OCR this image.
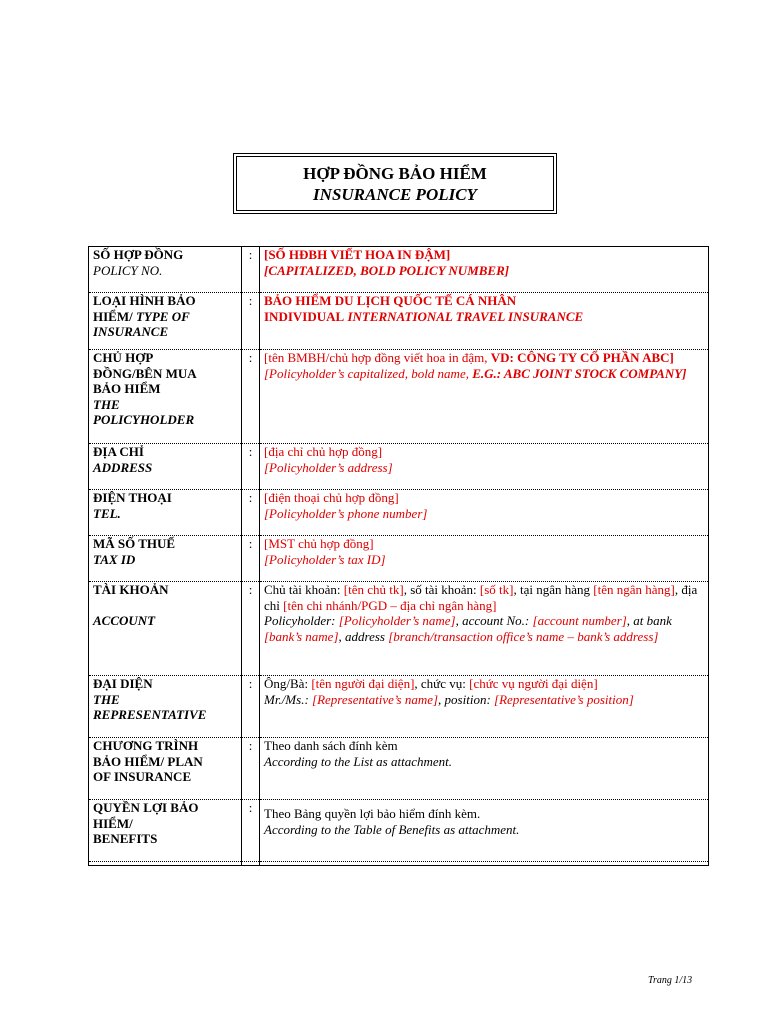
HỢP ĐỒNG BẢO HIỂM
INSURANCE POLICY
SỐ HỢP ĐỒNG
POLICY NO.	:	[SỐ HĐBH VIẾT HOA IN ĐẬM]
[CAPITALIZED, BOLD POLICY NUMBER]

LOẠI HÌNH BẢO HIỂM/ TYPE OF INSURANCE	:	BẢO HIỂM DU LỊCH QUỐC TẾ CÁ NHÂN
INDIVIDUAL INTERNATIONAL TRAVEL INSURANCE

CHỦ HỢP
ĐỒNG/BÊN MUA
BẢO HIỂM
THE
POLICYHOLDER	:	[tên BMBH/chủ hợp đồng viết hoa in đậm, VD: CÔNG TY CỔ PHẦN ABC]
[Policyholder’s capitalized, bold name, E.G.: ABC JOINT STOCK COMPANY]

ĐỊA CHỈ
ADDRESS	:	[địa chỉ chủ hợp đồng]
[Policyholder’s address]

ĐIỆN THOẠI
TEL.	:	[điện thoại chủ hợp đồng]
[Policyholder’s phone number]

MÃ SỐ THUẾ
TAX ID	:	[MST chủ hợp đồng]
[Policyholder’s tax ID]

TÀI KHOẢN
ACCOUNT	:	Chủ tài khoản: [tên chủ tk], số tài khoản: [số tk], tại ngân hàng [tên ngân hàng], địa chỉ [tên chi nhánh/PGD – địa chỉ ngân hàng]
Policyholder: [Policyholder’s name], account No.: [account number], at bank [bank’s name], address [branch/transaction office’s name – bank’s address]

ĐẠI DIỆN
THE
REPRESENTATIVE	:	Ông/Bà: [tên người đại diện], chức vụ: [chức vụ người đại diện]
Mr./Ms.: [Representative’s name], position: [Representative’s position]

CHƯƠNG TRÌNH
BẢO HIỂM/ PLAN
OF INSURANCE	:	Theo danh sách đính kèm
According to the List as attachment.

QUYỀN LỢI BẢO
HIỂM/
BENEFITS	:	Theo Bảng quyền lợi bảo hiểm đính kèm.
According to the Table of Benefits as attachment.

Trang 1/13
